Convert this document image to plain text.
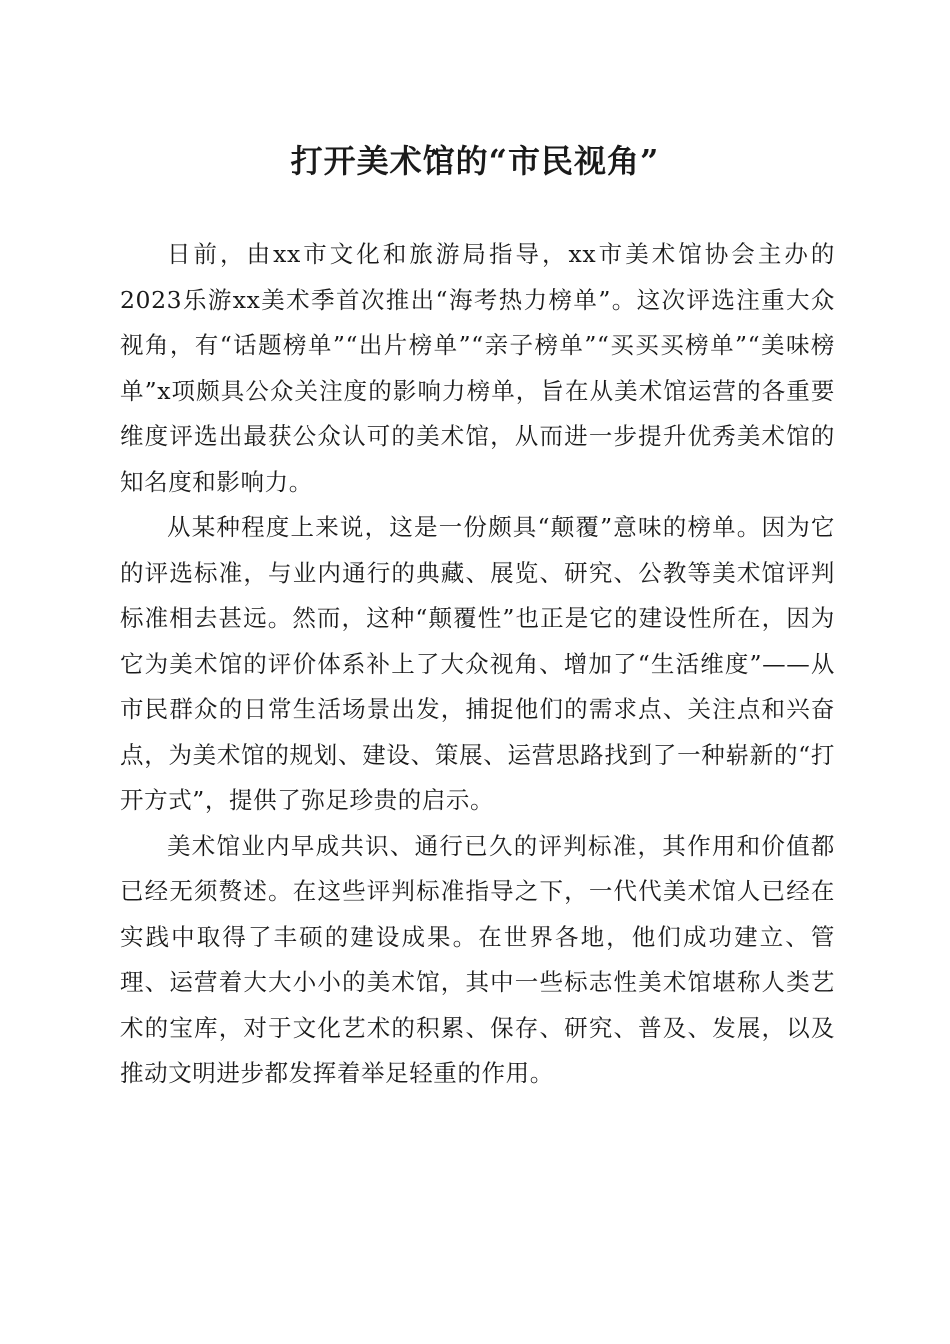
打开美术馆的“市民视角”

日前，由xx市文化和旅游局指导，xx市美术馆协会主办的2023乐游xx美术季首次推出“海考热力榜单”。这次评选注重大众视角，有“话题榜单”“出片榜单”“亲子榜单”“买买买榜单”“美味榜单”x项颇具公众关注度的影响力榜单，旨在从美术馆运营的各重要维度评选出最获公众认可的美术馆，从而进一步提升优秀美术馆的知名度和影响力。

从某种程度上来说，这是一份颇具“颠覆”意味的榜单。因为它的评选标准，与业内通行的典藏、展览、研究、公教等美术馆评判标准相去甚远。然而，这种“颠覆性”也正是它的建设性所在，因为它为美术馆的评价体系补上了大众视角、增加了“生活维度”——从市民群众的日常生活场景出发，捕捉他们的需求点、关注点和兴奋点，为美术馆的规划、建设、策展、运营思路找到了一种崭新的“打开方式”，提供了弥足珍贵的启示。

美术馆业内早成共识、通行已久的评判标准，其作用和价值都已经无须赘述。在这些评判标准指导之下，一代代美术馆人已经在实践中取得了丰硕的建设成果。在世界各地，他们成功建立、管理、运营着大大小小的美术馆，其中一些标志性美术馆堪称人类艺术的宝库，对于文化艺术的积累、保存、研究、普及、发展，以及推动文明进步都发挥着举足轻重的作用。
